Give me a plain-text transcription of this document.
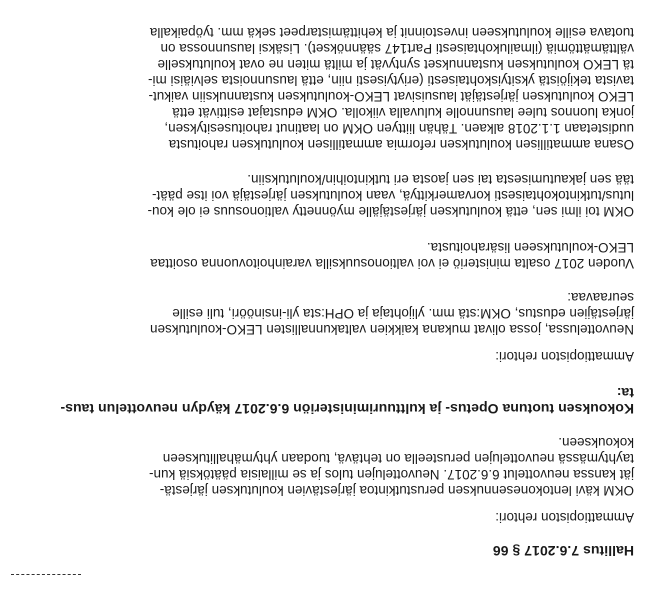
Hallitus 7.6.2017 § 66
Ammattiopiston rehtori:
OKM kävi lentokonesennuksen perustutkintoa järjestävien koulutuksen järjestä-
jät kanssa neuvottelut 6.6.2017. Neuvottelujen tulos ja se millaisia päätöksiä kun-
tayhtymässä neuvottelujen perusteella on tehtävä, tuodaan yhtymähallitukseen
kokoukseen.
Kokouksen tuotuna Opetus- ja kulttuuriministeriön 6.6.2017 käydyn neuvottelun taus-
ta:
Ammattiopiston rehtori:
Neuvottelussa, jossa olivat mukana kaikkien valtakunnallisten LEKO-koulutuksen
järjestäjien edustus, OKM:stä mm. ylijohtaja ja OPH:sta yli-insinööri, tuli esille
seuraavaa:
Vuoden 2017 osalta ministeriö ei voi valtionosuuksilla varainhoitovuonna osoittaa
LEKO-koulutukseen lisärahoitusta.
OKM toi ilmi sen, että koulutuksen järjestäjälle myönnetty valtionosuus ei ole kou-
lutus/tutkintokohtaisesti korvamerkittyä, vaan koulutuksen järjestäjä voi itse päät-
tää sen jakautumisesta tai sen jaosta eri tutkintoihin/koulutuksiin.
Osana ammatillisen koulutuksen reformia ammatillisen koulutuksen rahoitusta
uudistetaan 1.1.2018 alkaen. Tähän liittyen OKM on laatinut rahoitusesityksen,
jonka luonnos tulee lausunnolle kuluvalla viikolla. OKM edustajat esittivät että
LEKO koulutuksen järjestäjät lausuisivat LEKO-koulutuksen kustannuksiin vaikut-
tavista tekijöistä yksityiskohtaisesti (eriytyisesti niin, että lausunnoista selviäisi mi-
tä LEKO koulutuksen kustannukset syntyvät ja miltä miten ne ovat koulutukselle
välttämättömiä (ilmailukohtaisesti Part147 säännökset). Lisäksi lausunnossa on
tuotava esille koulutukseen investoinnit ja kehittämistarpeet sekä mm. työpaikalla
